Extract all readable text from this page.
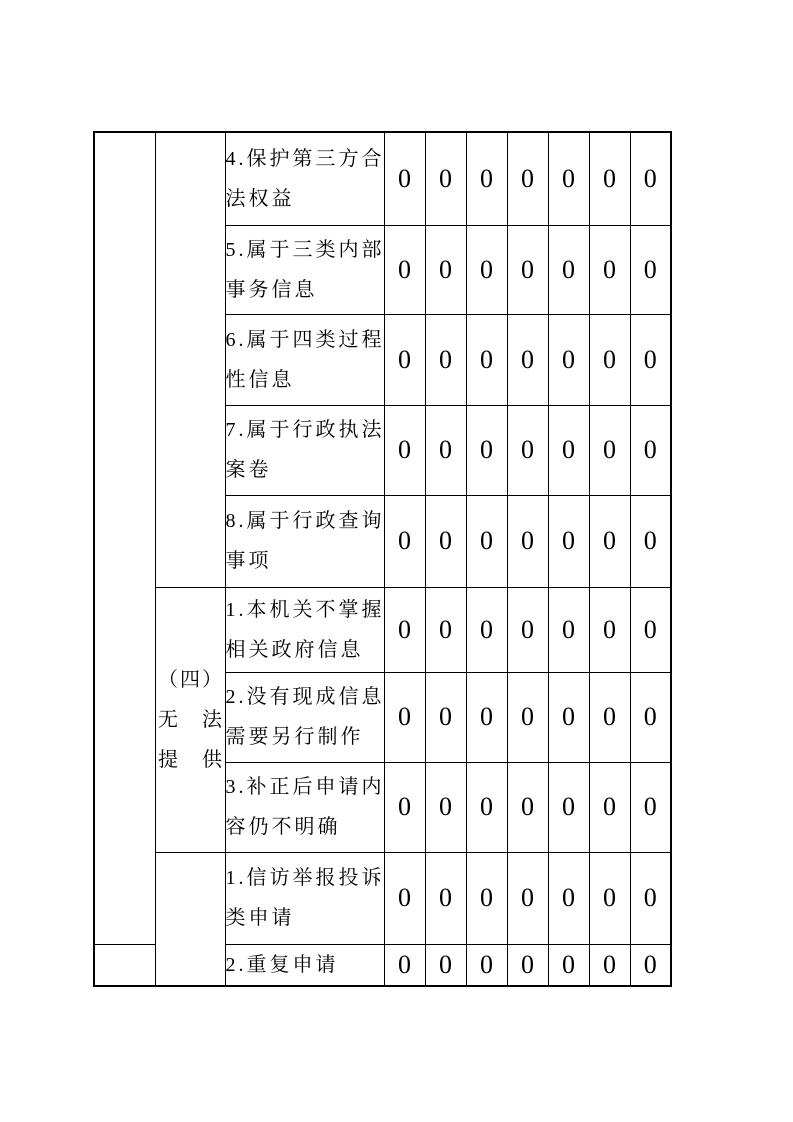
		4.保护第三方合
法权益	0	0	0	0	0	0	0

		5.属于三类内部
事务信息	0	0	0	0	0	0	0

		6.属于四类过程
性信息	0	0	0	0	0	0	0

		7.属于行政执法
案卷	0	0	0	0	0	0	0

		8.属于行政查询
事项	0	0	0	0	0	0	0

（四）
无法
提供

1.本机关不掌握
相关政府信息
	0	0	0	0	0	0	0

		2.没有现成信息
需要另行制作	0	0	0	0	0	0	0

		3.补正后申请内
容仍不明确	0	0	0	0	0	0	0

		1.信访举报投诉
类申请	0	0	0	0	0	0	0

		2.重复申请	0	0	0	0	0	0	0
